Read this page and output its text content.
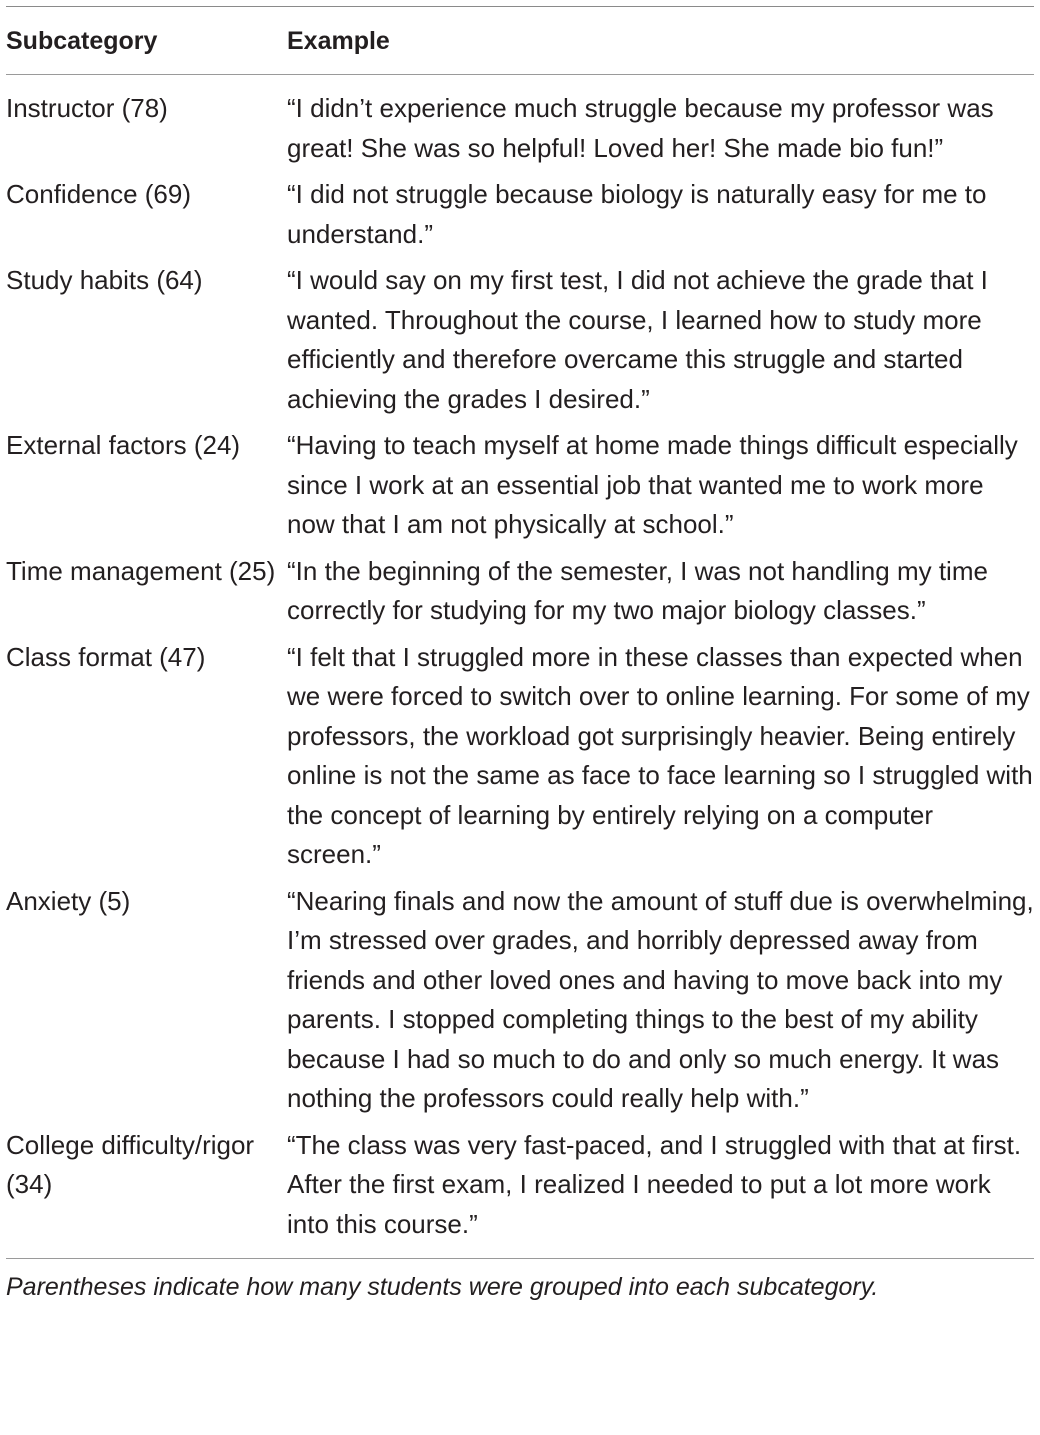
Subcategory	Example
Instructor (78)	“I didn’t experience much struggle because my professor was great! She was so helpful! Loved her! She made bio fun!”
Confidence (69)	“I did not struggle because biology is naturally easy for me to understand.”
Study habits (64)	“I would say on my first test, I did not achieve the grade that I wanted. Throughout the course, I learned how to study more efficiently and therefore overcame this struggle and started achieving the grades I desired.”
External factors (24)	“Having to teach myself at home made things difficult especially since I work at an essential job that wanted me to work more now that I am not physically at school.”
Time management (25)	“In the beginning of the semester, I was not handling my time correctly for studying for my two major biology classes.”
Class format (47)	“I felt that I struggled more in these classes than expected when we were forced to switch over to online learning. For some of my professors, the workload got surprisingly heavier. Being entirely online is not the same as face to face learning so I struggled with the concept of learning by entirely relying on a computer screen.”
Anxiety (5)	“Nearing finals and now the amount of stuff due is overwhelming, I’m stressed over grades, and horribly depressed away from friends and other loved ones and having to move back into my parents. I stopped completing things to the best of my ability because I had so much to do and only so much energy. It was nothing the professors could really help with.”
College difficulty/rigor (34)	“The class was very fast-paced, and I struggled with that at first. After the first exam, I realized I needed to put a lot more work into this course.”
Parentheses indicate how many students were grouped into each subcategory.
